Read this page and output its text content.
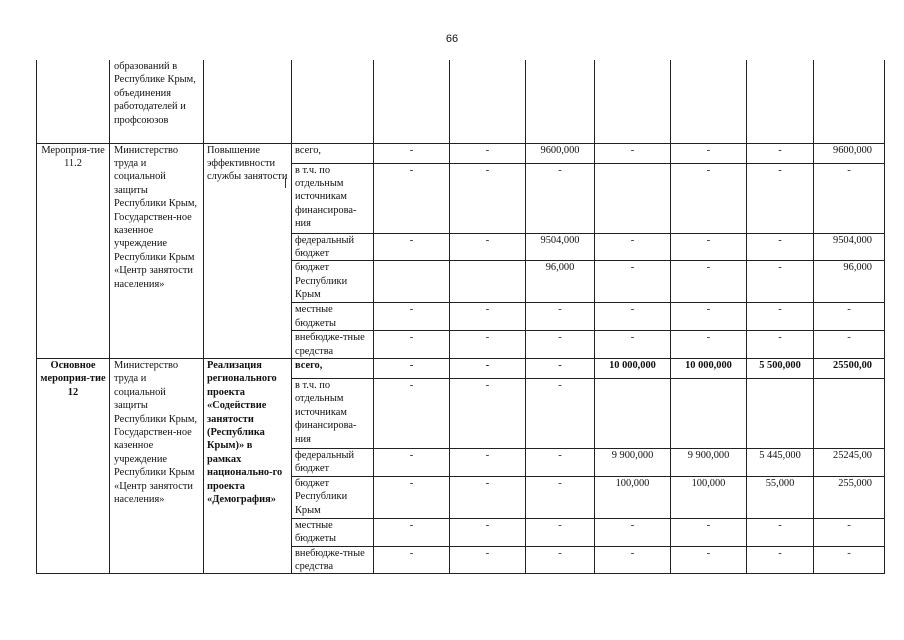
66
	образований в Республике Крым, объединения работодателей и профсоюзов									
Мероприя-тие 11.2	Министерство труда и социальной защиты Республики Крым, Государствен-ное казенное учреждение Республики Крым «Центр занятости населения»	Повышение эффективности службы занятости	всего,	-	-	9600,000	-	-	-	9600,000
			в т.ч. по отдельным источникам финансирова-ния	-	-	-		-	-	-
			федеральный бюджет	-	-	9504,000	-	-	-	9504,000
			бюджет Республики Крым			96,000	-	-	-	96,000
			местные бюджеты	-	-	-	-	-	-	-
			внебюдже-тные средства	-	-	-	-	-	-	-
Основное мероприя-тие 12	Министерство труда и социальной защиты Республики Крым, Государствен-ное казенное учреждение Республики Крым «Центр занятости населения»	Реализация регионального проекта «Содействие занятости (Республика Крым)» в рамках национально-го проекта «Демография»	всего,	-	-	-	10 000,000	10 000,000	5 500,000	25500,00
			в т.ч. по отдельным источникам финансирова-ния	-	-	-				
			федеральный бюджет	-	-	-	9 900,000	9 900,000	5 445,000	25245,00
			бюджет Республики Крым	-	-	-	100,000	100,000	55,000	255,000
			местные бюджеты	-	-	-	-	-	-	-
			внебюдже-тные средства	-	-	-	-	-	-	-
